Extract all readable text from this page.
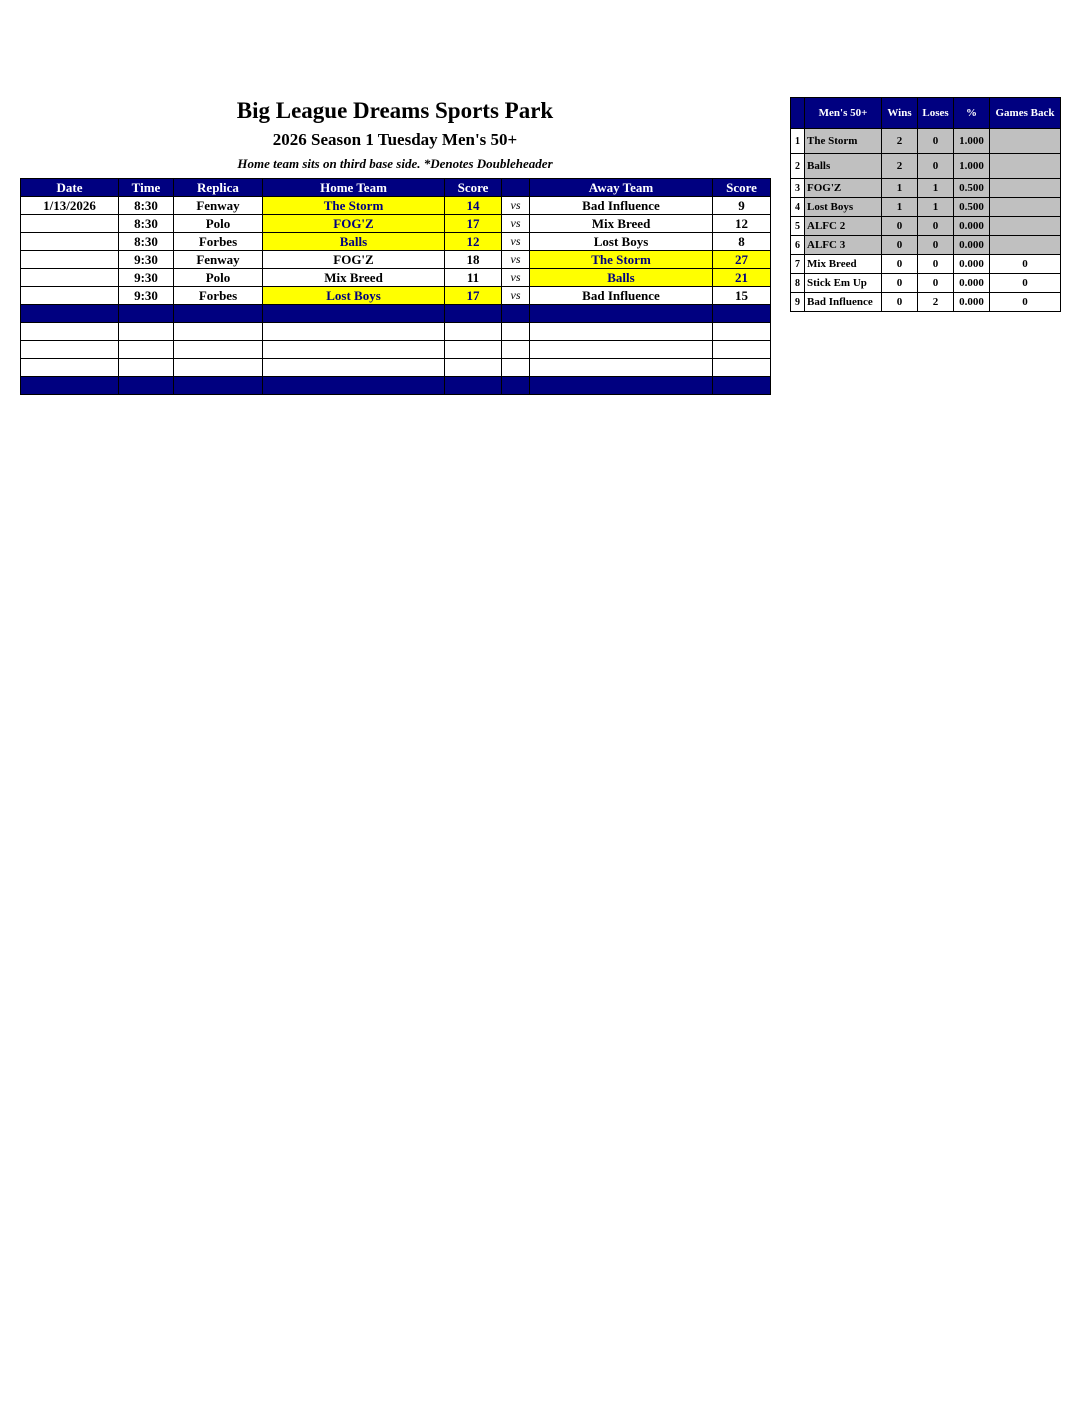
Big League Dreams Sports Park
2026 Season 1 Tuesday Men's 50+
Home team sits on third base side. *Denotes Doubleheader
Date	Time	Replica	Home Team	Score		Away Team	Score
1/13/2026	8:30	Fenway	The Storm	14	vs	Bad Influence	9
	8:30	Polo	FOG'Z	17	vs	Mix Breed	12
	8:30	Forbes	Balls	12	vs	Lost Boys	8
	9:30	Fenway	FOG'Z	18	vs	The Storm	27
	9:30	Polo	Mix Breed	11	vs	Balls	21
	9:30	Forbes	Lost Boys	17	vs	Bad Influence	15

	Men's 50+	Wins	Loses	%	Games Back
1	The Storm	2	0	1.000	
2	Balls	2	0	1.000	
3	FOG'Z	1	1	0.500	
4	Lost Boys	1	1	0.500	
5	ALFC 2	0	0	0.000	
6	ALFC 3	0	0	0.000	
7	Mix Breed	0	0	0.000	0
8	Stick Em Up	0	0	0.000	0
9	Bad Influence	0	2	0.000	0
